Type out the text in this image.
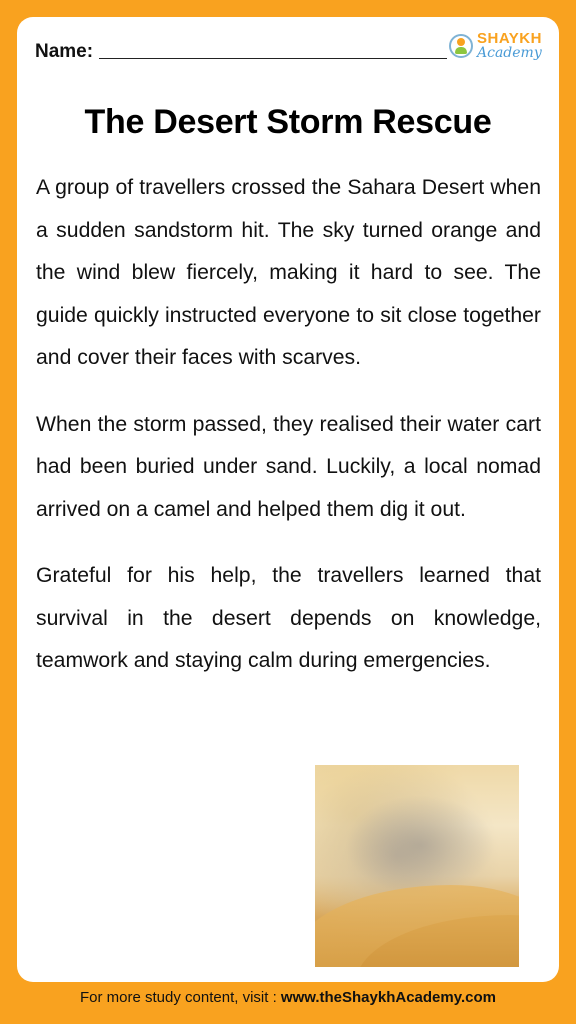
Name:
SHAYKH
Academy
The Desert Storm Rescue

A group of travellers crossed the Sahara Desert when a sudden sandstorm hit. The sky turned orange and the wind blew fiercely, making it hard to see. The guide quickly instructed everyone to sit close together and cover their faces with scarves.

When the storm passed, they realised their water cart had been buried under sand. Luckily, a local nomad arrived on a camel and helped them dig it out.

Grateful for his help, the travellers learned that survival in the desert depends on knowledge, teamwork and staying calm during emergencies.

For more study content, visit : www.theShaykhAcademy.com
